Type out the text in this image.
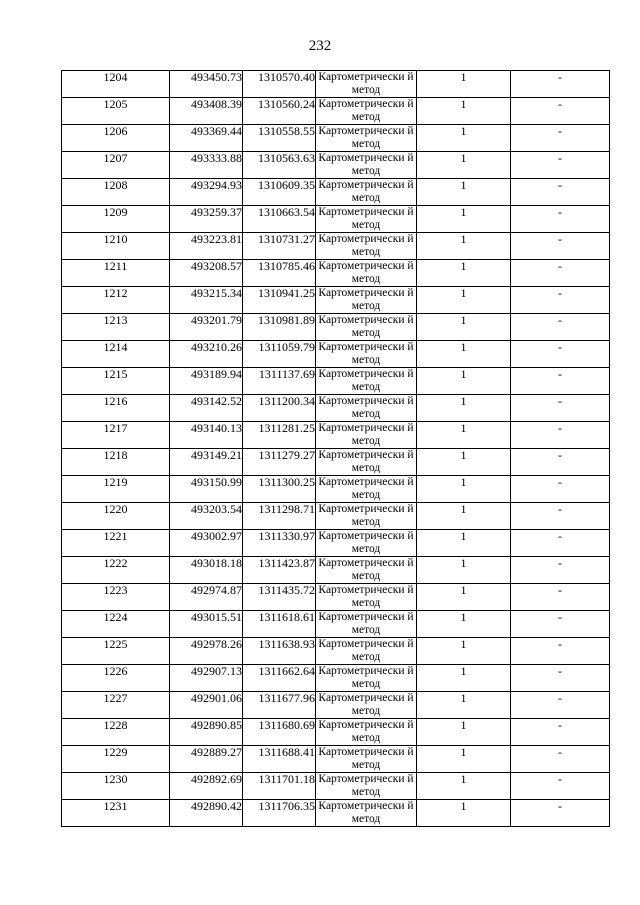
232
1204	493450.73	1310570.40	Картометрически й метод	1	-
1205	493408.39	1310560.24	Картометрически й метод	1	-
1206	493369.44	1310558.55	Картометрически й метод	1	-
1207	493333.88	1310563.63	Картометрически й метод	1	-
1208	493294.93	1310609.35	Картометрически й метод	1	-
1209	493259.37	1310663.54	Картометрически й метод	1	-
1210	493223.81	1310731.27	Картометрически й метод	1	-
1211	493208.57	1310785.46	Картометрически й метод	1	-
1212	493215.34	1310941.25	Картометрически й метод	1	-
1213	493201.79	1310981.89	Картометрически й метод	1	-
1214	493210.26	1311059.79	Картометрически й метод	1	-
1215	493189.94	1311137.69	Картометрически й метод	1	-
1216	493142.52	1311200.34	Картометрически й метод	1	-
1217	493140.13	1311281.25	Картометрически й метод	1	-
1218	493149.21	1311279.27	Картометрически й метод	1	-
1219	493150.99	1311300.25	Картометрически й метод	1	-
1220	493203.54	1311298.71	Картометрически й метод	1	-
1221	493002.97	1311330.97	Картометрически й метод	1	-
1222	493018.18	1311423.87	Картометрически й метод	1	-
1223	492974.87	1311435.72	Картометрически й метод	1	-
1224	493015.51	1311618.61	Картометрически й метод	1	-
1225	492978.26	1311638.93	Картометрически й метод	1	-
1226	492907.13	1311662.64	Картометрически й метод	1	-
1227	492901.06	1311677.96	Картометрически й метод	1	-
1228	492890.85	1311680.69	Картометрически й метод	1	-
1229	492889.27	1311688.41	Картометрически й метод	1	-
1230	492892.69	1311701.18	Картометрически й метод	1	-
1231	492890.42	1311706.35	Картометрически й метод	1	-
